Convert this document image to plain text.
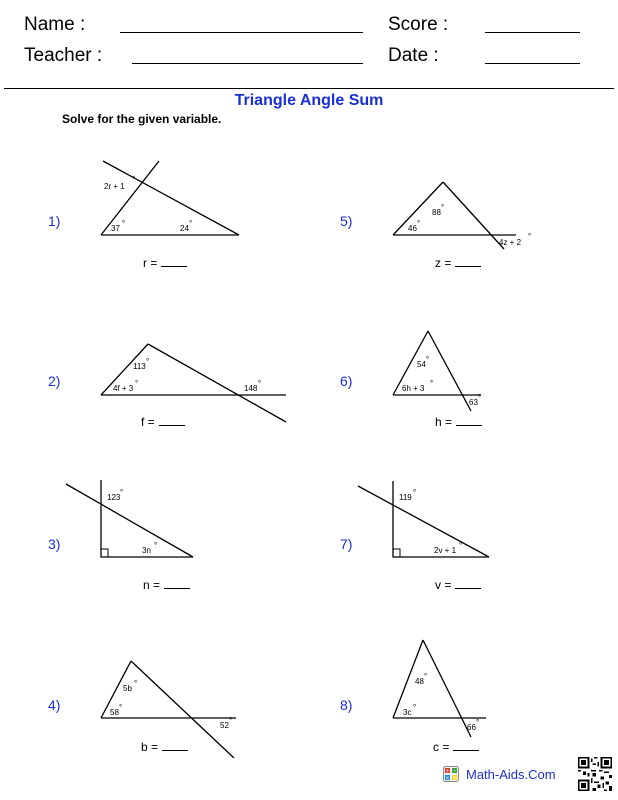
Name :	Score :
Teacher :	Date :
Triangle Angle Sum
Solve for the given variable.
1)
2r + 1
°
37
°
24
°
r =
2)
113
°
4f + 3
°
148
°
f =
3)
123
°
3n
°
n =
4)
5b
°
58
°
52
°
b =
5)
88
°
46
°
4z + 2
°
z =
6)
54
°
6h + 3
°
63
°
h =
7)
119
°
2v + 1
°
v =
8)
48
°
3c
°
66
°
c =
+ −
× ÷ Math-Aids.Com
